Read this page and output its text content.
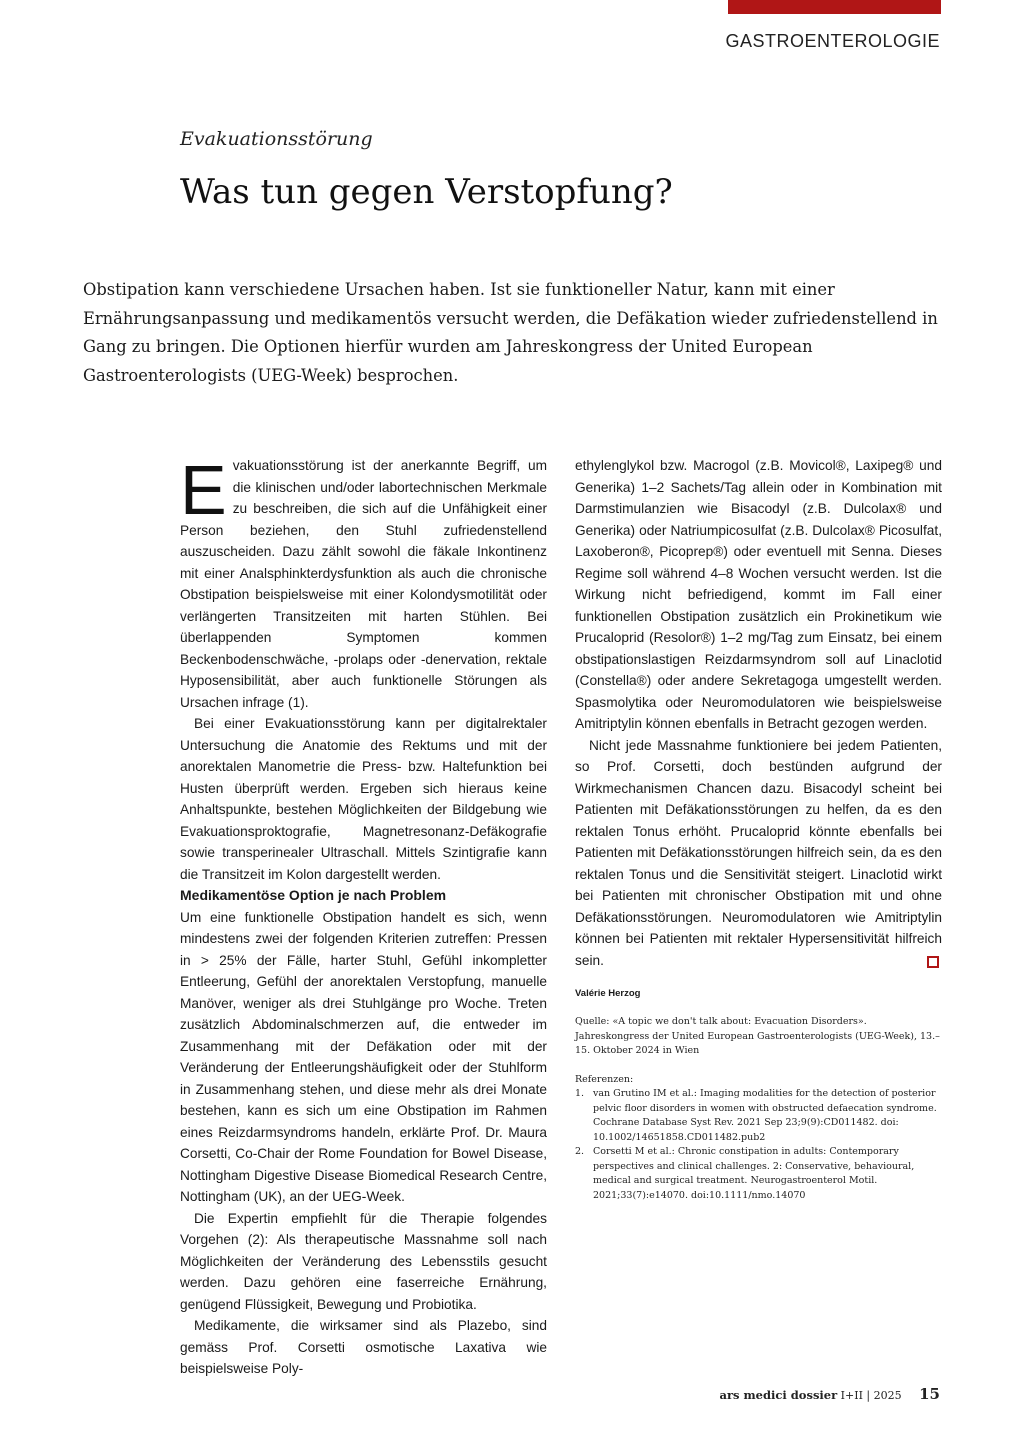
GASTROENTEROLOGIE
Evakuationsstörung
Was tun gegen Verstopfung?

Obstipation kann verschiedene Ursachen haben. Ist sie funktioneller Natur, kann mit einer Ernährungsanpassung und medikamentös versucht werden, die Defäkation wieder zufriedenstellend in Gang zu bringen. Die Optionen hierfür wurden am Jahreskongress der United European Gastroenterologists (UEG-Week) besprochen.

Evakuationsstörung ist der anerkannte Begriff, um die klinischen und/oder labortechnischen Merkmale zu beschreiben, die sich auf die Unfähigkeit einer Person beziehen, den Stuhl zufriedenstellend auszuscheiden. Dazu zählt sowohl die fäkale Inkontinenz mit einer Analsphinkterdysfunktion als auch die chronische Obstipation beispielsweise mit einer Kolondysmotilität oder verlängerten Transitzeiten mit harten Stühlen. Bei überlappenden Symptomen kommen Beckenbodenschwäche, -prolaps oder -denervation, rektale Hyposensibilität, aber auch funktionelle Störungen als Ursachen infrage (1).

Bei einer Evakuationsstörung kann per digitalrektaler Untersuchung die Anatomie des Rektums und mit der anorektalen Manometrie die Press- bzw. Haltefunktion bei Husten überprüft werden. Ergeben sich hieraus keine Anhaltspunkte, bestehen Möglichkeiten der Bildgebung wie Evakuationsproktografie, Magnetresonanz-Defäkografie sowie transperinealer Ultraschall. Mittels Szintigrafie kann die Transitzeit im Kolon dargestellt werden.

Medikamentöse Option je nach Problem

Um eine funktionelle Obstipation handelt es sich, wenn mindestens zwei der folgenden Kriterien zutreffen: Pressen in > 25% der Fälle, harter Stuhl, Gefühl inkompletter Entleerung, Gefühl der anorektalen Verstopfung, manuelle Manöver, weniger als drei Stuhlgänge pro Woche. Treten zusätzlich Abdominalschmerzen auf, die entweder im Zusammenhang mit der Defäkation oder mit der Veränderung der Entleerungshäufigkeit oder der Stuhlform in Zusammenhang stehen, und diese mehr als drei Monate bestehen, kann es sich um eine Obstipation im Rahmen eines Reizdarmsyndroms handeln, erklärte Prof. Dr. Maura Corsetti, Co-Chair der Rome Foundation for Bowel Disease, Nottingham Digestive Disease Biomedical Research Centre, Nottingham (UK), an der UEG-Week.

Die Expertin empfiehlt für die Therapie folgendes Vorgehen (2): Als therapeutische Massnahme soll nach Möglichkeiten der Veränderung des Lebensstils gesucht werden. Dazu gehören eine faserreiche Ernährung, genügend Flüssigkeit, Bewegung und Probiotika.

Medikamente, die wirksamer sind als Plazebo, sind gemäss Prof. Corsetti osmotische Laxativa wie beispielsweise Poly-

ethylenglykol bzw. Macrogol (z.B. Movicol®, Laxipeg® und Generika) 1–2 Sachets/Tag allein oder in Kombination mit Darmstimulanzien wie Bisacodyl (z.B. Dulcolax® und Generika) oder Natriumpicosulfat (z.B. Dulcolax® Picosulfat, Laxoberon®, Picoprep®) oder eventuell mit Senna. Dieses Regime soll während 4–8 Wochen versucht werden. Ist die Wirkung nicht befriedigend, kommt im Fall einer funktionellen Obstipation zusätzlich ein Prokinetikum wie Prucaloprid (Resolor®) 1–2 mg/Tag zum Einsatz, bei einem obstipationslastigen Reizdarmsyndrom soll auf Linaclotid (Constella®) oder andere Sekretagoga umgestellt werden. Spasmolytika oder Neuromodulatoren wie beispielsweise Amitriptylin können ebenfalls in Betracht gezogen werden.

Nicht jede Massnahme funktioniere bei jedem Patienten, so Prof. Corsetti, doch bestünden aufgrund der Wirkmechanismen Chancen dazu. Bisacodyl scheint bei Patienten mit Defäkationsstörungen zu helfen, da es den rektalen Tonus erhöht. Prucaloprid könnte ebenfalls bei Patienten mit Defäkationsstörungen hilfreich sein, da es den rektalen Tonus und die Sensitivität steigert. Linaclotid wirkt bei Patienten mit chronischer Obstipation mit und ohne Defäkationsstörungen. Neuromodulatoren wie Amitriptylin können bei Patienten mit rektaler Hypersensitivität hilfreich sein.

Valérie Herzog

Quelle: «A topic we don't talk about: Evacuation Disorders». Jahreskongress der United European Gastroenterologists (UEG-Week), 13.–15. Oktober 2024 in Wien

Referenzen:

1. van Grutino IM et al.: Imaging modalities for the detection of posterior pelvic floor disorders in women with obstructed defaecation syndrome. Cochrane Database Syst Rev. 2021 Sep 23;9(9):CD011482. doi: 10.1002/14651858.CD011482.pub2
2. Corsetti M et al.: Chronic constipation in adults: Contemporary perspectives and clinical challenges. 2: Conservative, behavioural, medical and surgical treatment. Neurogastroenterol Motil. 2021;33(7):e14070. doi:10.1111/nmo.14070
ars medici dossier I+II | 2025 15
